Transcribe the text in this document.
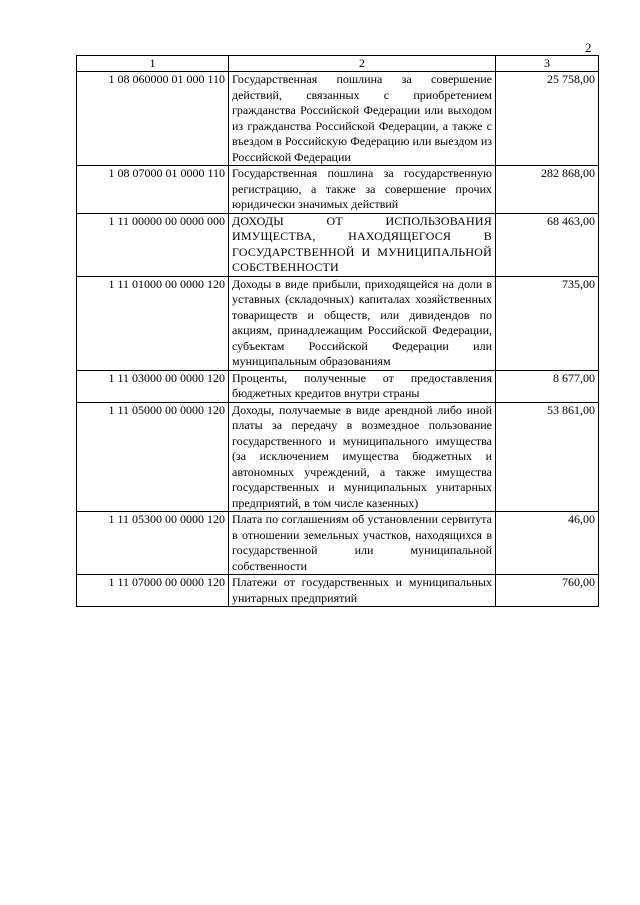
2
1	2	3
1 08 060000 01 000 110	Государственная пошлина за совершение действий, связанных с приобретением гражданства Российской Федерации или выходом из гражданства Российской Федерации, а также с въездом в Российскую Федерацию или выездом из Российской Федерации	25 758,00
1 08 07000 01 0000 110	Государственная пошлина за государственную регистрацию, а также за совершение прочих юридически значимых действий	282 868,00
1 11 00000 00 0000 000	ДОХОДЫ ОТ ИСПОЛЬЗОВАНИЯ ИМУЩЕСТВА, НАХОДЯЩЕГОСЯ В ГОСУДАРСТВЕННОЙ И МУНИЦИПАЛЬНОЙ СОБСТВЕННОСТИ	68 463,00
1 11 01000 00 0000 120	Доходы в виде прибыли, приходящейся на доли в уставных (складочных) капиталах хозяйственных товариществ и обществ, или дивидендов по акциям, принадлежащим Российской Федерации, субъектам Российской Федерации или муниципальным образованиям	735,00
1 11 03000 00 0000 120	Проценты, полученные от предоставления бюджетных кредитов внутри страны	8 677,00
1 11 05000 00 0000 120	Доходы, получаемые в виде арендной либо иной платы за передачу в возмездное пользование государственного и муниципального имущества (за исключением имущества бюджетных и автономных учреждений, а также имущества государственных и муниципальных унитарных предприятий, в том числе казенных)	53 861,00
1 11 05300 00 0000 120	Плата по соглашениям об установлении сервитута в отношении земельных участков, находящихся в государственной или муниципальной собственности	46,00
1 11 07000 00 0000 120	Платежи от государственных и муниципальных унитарных предприятий	760,00
